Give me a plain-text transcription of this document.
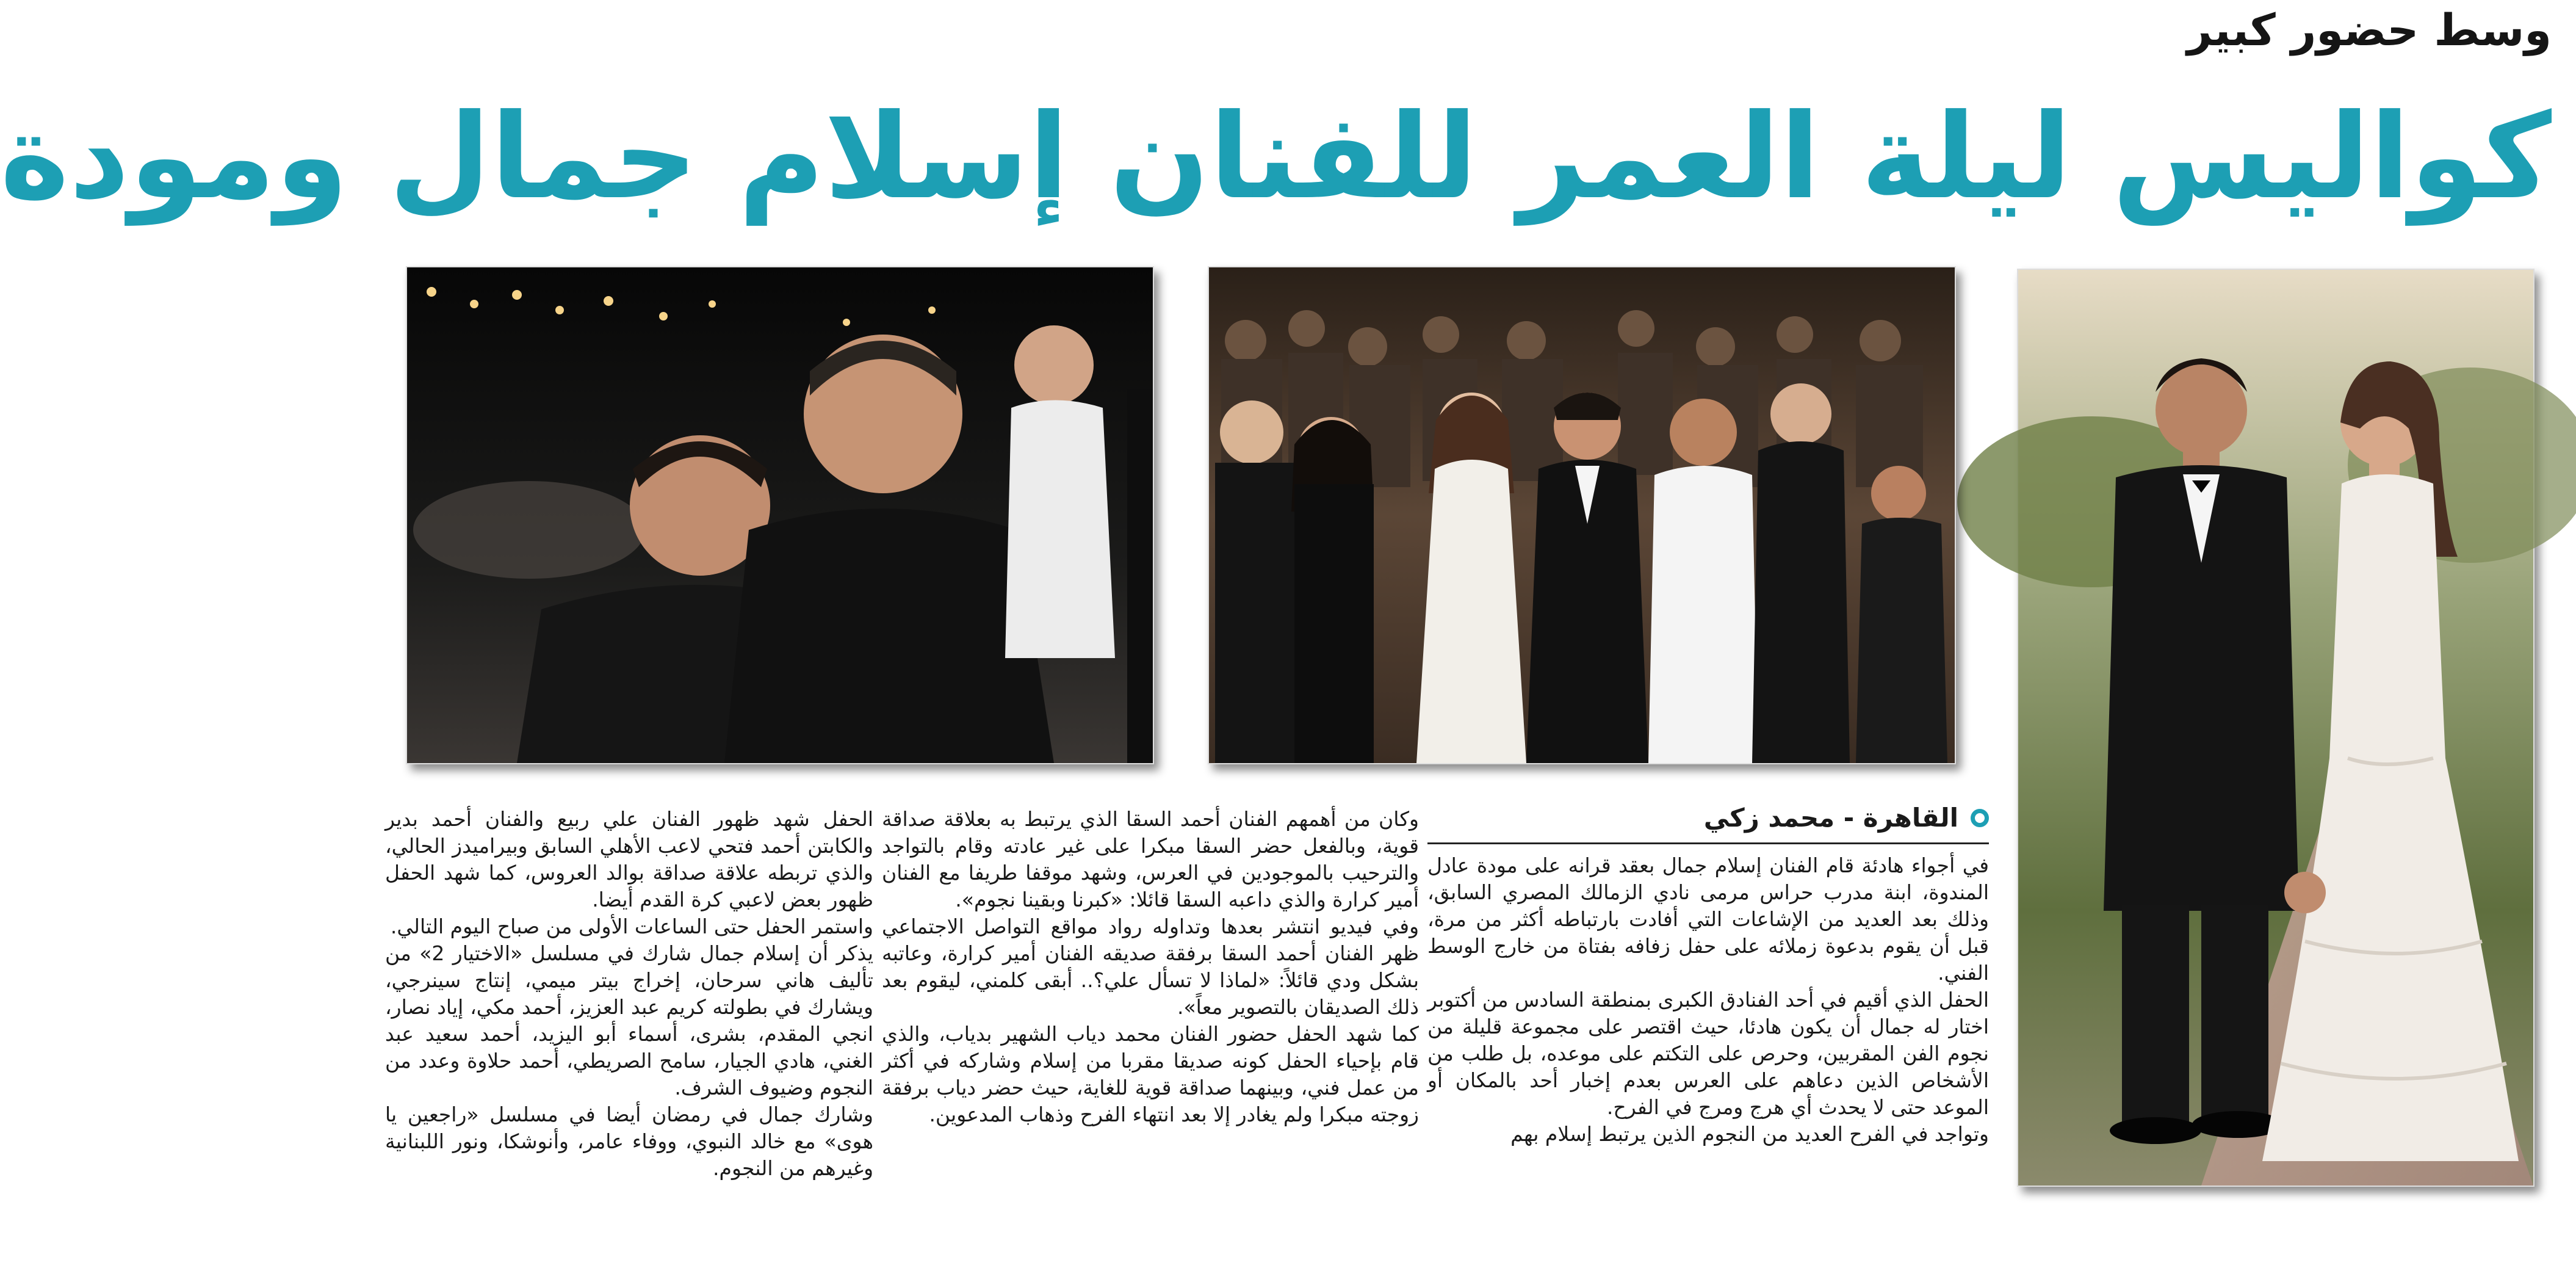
وسط حضور كبير
كواليس ليلة العمر للفنان إسلام جمال ومودة
القاهرة - محمد زكي

في أجواء هادئة قام الفنان إسلام جمال بعقد قرانه على مودة عادل المندوة، ابنة مدرب حراس مرمى نادي الزمالك المصري السابق، وذلك بعد العديد من الإشاعات التي أفادت بارتباطه أكثر من مرة، قبل أن يقوم بدعوة زملائه على حفل زفافه بفتاة من خارج الوسط الفني.

الحفل الذي أقيم في أحد الفنادق الكبرى بمنطقة السادس من أكتوبر اختار له جمال أن يكون هادئا، حيث اقتصر على مجموعة قليلة من نجوم الفن المقربين، وحرص على التكتم على موعده، بل طلب من الأشخاص الذين دعاهم على العرس بعدم إخبار أحد بالمكان أو الموعد حتى لا يحدث أي هرج ومرج في الفرح.

وتواجد في الفرح العديد من النجوم الذين يرتبط إسلام بهم

وكان من أهمهم الفنان أحمد السقا الذي يرتبط به بعلاقة صداقة قوية، وبالفعل حضر السقا مبكرا على غير عادته وقام بالتواجد والترحيب بالموجودين في العرس، وشهد موقفا طريفا مع الفنان أمير كرارة والذي داعبه السقا قائلا: «كبرنا وبقينا نجوم».

وفي فيديو انتشر بعدها وتداوله رواد مواقع التواصل الاجتماعي ظهر الفنان أحمد السقا برفقة صديقه الفنان أمير كرارة، وعاتبه بشكل ودي قائلاً: «لماذا لا تسأل علي؟.. أبقى كلمني، ليقوم بعد ذلك الصديقان بالتصوير معاً».

كما شهد الحفل حضور الفنان محمد دياب الشهير بدياب، والذي قام بإحياء الحفل كونه صديقا مقربا من إسلام وشاركه في أكثر من عمل فني، وبينهما صداقة قوية للغاية، حيث حضر دياب برفقة زوجته مبكرا ولم يغادر إلا بعد انتهاء الفرح وذهاب المدعوين.

الحفل شهد ظهور الفنان علي ربيع والفنان أحمد بدير والكابتن أحمد فتحي لاعب الأهلي السابق وبيراميدز الحالي، والذي تربطه علاقة صداقة بوالد العروس، كما شهد الحفل ظهور بعض لاعبي كرة القدم أيضا.

واستمر الحفل حتى الساعات الأولى من صباح اليوم التالي.

يذكر أن إسلام جمال شارك في مسلسل «الاختيار 2» من تأليف هاني سرحان، إخراج بيتر ميمي، إنتاج سينرجي، ويشارك في بطولته كريم عبد العزيز، أحمد مكي، إياد نصار، انجي المقدم، بشرى، أسماء أبو اليزيد، أحمد سعيد عبد الغني، هادي الجيار، سامح الصريطي، أحمد حلاوة وعدد من النجوم وضيوف الشرف.

وشارك جمال في رمضان أيضا في مسلسل «راجعين يا هوى» مع خالد النبوي، ووفاء عامر، وأنوشكا، ونور اللبنانية وغيرهم من النجوم.
